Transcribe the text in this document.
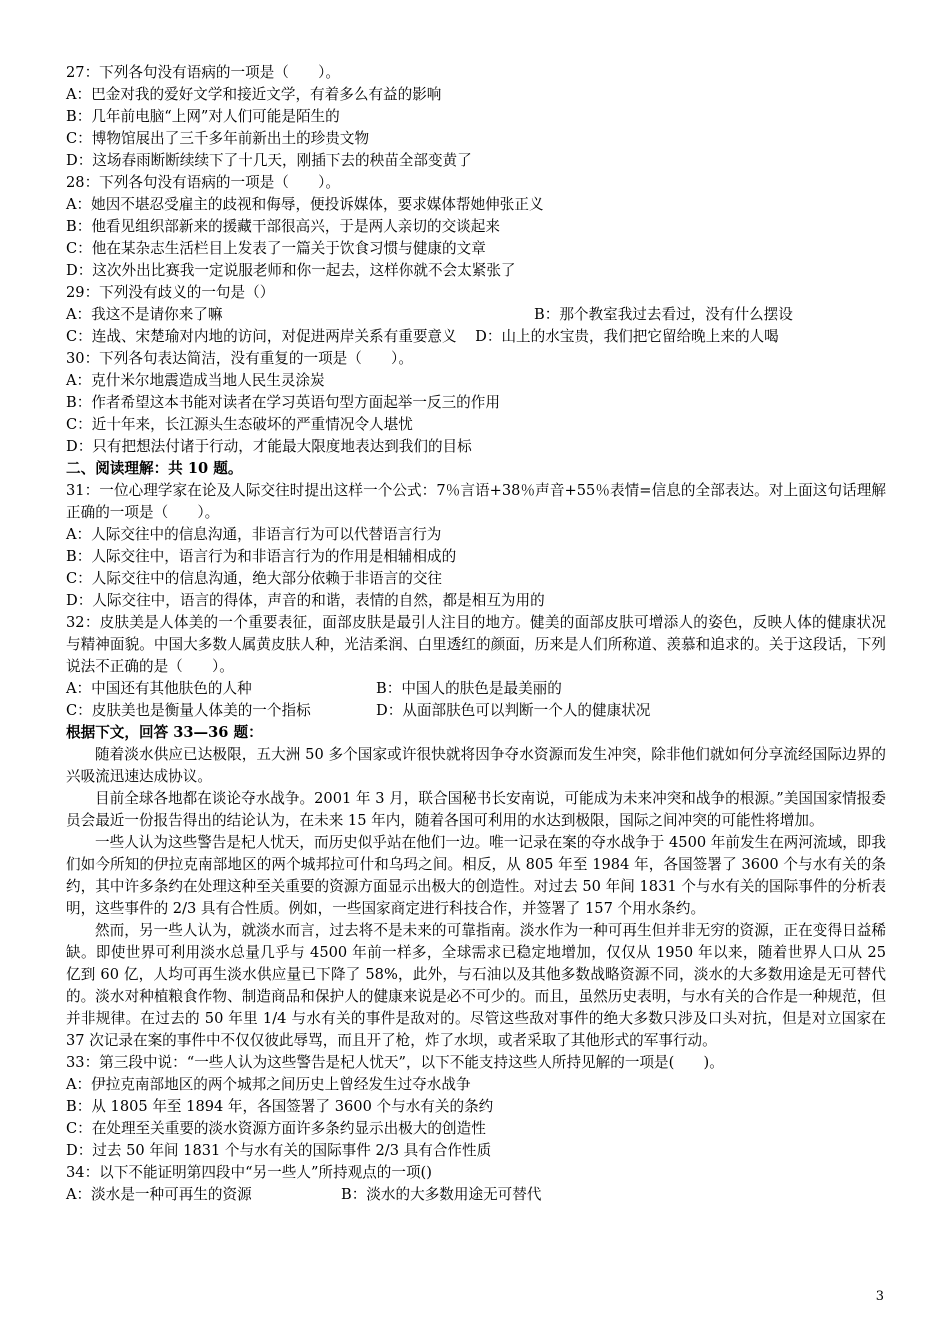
27：下列各句没有语病的一项是（　　）。
A：巴金对我的爱好文学和接近文学，有着多么有益的影响
B：几年前电脑“上网”对人们可能是陌生的
C：博物馆展出了三千多年前新出土的珍贵文物
D：这场春雨断断续续下了十几天，刚插下去的秧苗全部变黄了
28：下列各句没有语病的一项是（　　）。
A：她因不堪忍受雇主的歧视和侮辱，便投诉媒体，要求媒体帮她伸张正义
B：他看见组织部新来的援藏干部很高兴，于是两人亲切的交谈起来
C：他在某杂志生活栏目上发表了一篇关于饮食习惯与健康的文章
D：这次外出比赛我一定说服老师和你一起去，这样你就不会太紧张了
29：下列没有歧义的一句是（）
A：我这不是请你来了嘛	B：那个教室我过去看过，没有什么摆设
C：连战、宋楚瑜对内地的访问，对促进两岸关系有重要意义 D：山上的水宝贵，我们把它留给晚上来的人喝
30：下列各句表达简洁，没有重复的一项是（　　）。
A：克什米尔地震造成当地人民生灵涂炭
B：作者希望这本书能对读者在学习英语句型方面起举一反三的作用
C：近十年来，长江源头生态破坏的严重情况令人堪忧
D：只有把想法付诸于行动，才能最大限度地表达到我们的目标
二、阅读理解：共 10 题。
31：一位心理学家在论及人际交往时提出这样一个公式：7％言语+38％声音+55％表情=信息的全部表达。对上面这句话理解正确的一项是（　　）。
A：人际交往中的信息沟通，非语言行为可以代替语言行为
B：人际交往中，语言行为和非语言行为的作用是相辅相成的
C：人际交往中的信息沟通，绝大部分依赖于非语言的交往
D：人际交往中，语言的得体，声音的和谐，表情的自然，都是相互为用的
32：皮肤美是人体美的一个重要表征，面部皮肤是最引人注目的地方。健美的面部皮肤可增添人的姿色，反映人体的健康状况与精神面貌。中国大多数人属黄皮肤人种，光洁柔润、白里透红的颜面，历来是人们所称道、羡慕和追求的。关于这段话，下列说法不正确的是（　　）。
A：中国还有其他肤色的人种	B：中国人的肤色是最美丽的
C：皮肤美也是衡量人体美的一个指标	D：从面部肤色可以判断一个人的健康状况
根据下文，回答 33—36 题：
随着淡水供应已达极限，五大洲 50 多个国家或许很快就将因争夺水资源而发生冲突，除非他们就如何分享流经国际边界的兴吸流迅速达成协议。
目前全球各地都在谈论夺水战争。2001 年 3 月，联合国秘书长安南说，可能成为未来冲突和战争的根源。”美国国家情报委员会最近一份报告得出的结论认为，在未来 15 年内，随着各国可利用的水达到极限，国际之间冲突的可能性将增加。
一些人认为这些警告是杞人忧天，而历史似乎站在他们一边。唯一记录在案的夺水战争于 4500 年前发生在两河流域，即我们如今所知的伊拉克南部地区的两个城邦拉可什和乌玛之间。相反，从 805 年至 1984 年，各国签署了 3600 个与水有关的条约，其中许多条约在处理这种至关重要的资源方面显示出极大的创造性。对过去 50 年间 1831 个与水有关的国际事件的分析表明，这些事件的 2/3 具有合性质。例如，一些国家商定进行科技合作，并签署了 157 个用水条约。
然而，另一些人认为，就淡水而言，过去将不是未来的可靠指南。淡水作为一种可再生但并非无穷的资源，正在变得日益稀缺。即使世界可利用淡水总量几乎与 4500 年前一样多，全球需求已稳定地增加，仅仅从 1950 年以来，随着世界人口从 25 亿到 60 亿，人均可再生淡水供应量已下降了 58%，此外，与石油以及其他多数战略资源不同，淡水的大多数用途是无可替代的。淡水对种植粮食作物、制造商品和保护人的健康来说是必不可少的。而且，虽然历史表明，与水有关的合作是一种规范，但并非规律。在过去的 50 年里 1/4 与水有关的事件是敌对的。尽管这些敌对事件的绝大多数只涉及口头对抗，但是对立国家在 37 次记录在案的事件中不仅仅彼此辱骂，而且开了枪，炸了水坝，或者采取了其他形式的军事行动。
33：第三段中说：“一些人认为这些警告是杞人忧天”，以下不能支持这些人所持见解的一项是(　　)。
A：伊拉克南部地区的两个城邦之间历史上曾经发生过夺水战争
B：从 1805 年至 1894 年，各国签署了 3600 个与水有关的条约
C：在处理至关重要的淡水资源方面许多条约显示出极大的创造性
D：过去 50 年间 1831 个与水有关的国际事件 2/3 具有合作性质
34：以下不能证明第四段中“另一些人”所持观点的一项()
A：淡水是一种可再生的资源	B：淡水的大多数用途无可替代
3
